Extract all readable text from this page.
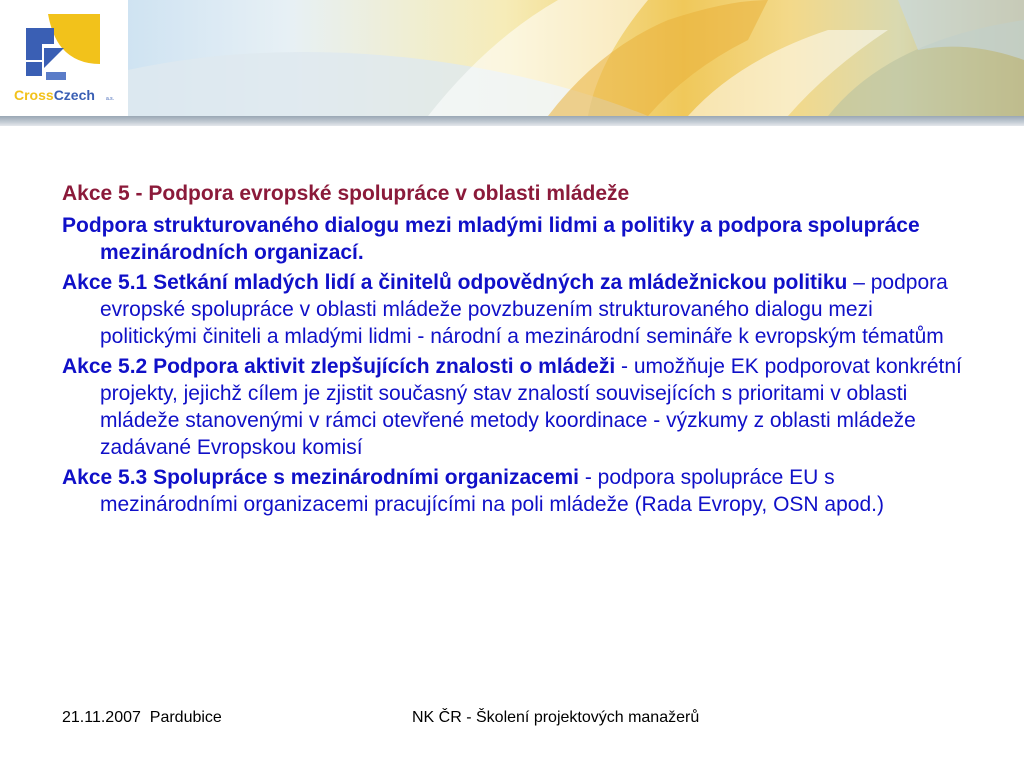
CrossCzech a.s.

Akce 5 - Podpora evropské spolupráce v oblasti mládeže

Podpora strukturovaného dialogu mezi mladými lidmi a politiky a podpora spolupráce mezinárodních organizací.

Akce 5.1 Setkání mladých lidí a činitelů odpovědných za mládežnickou politiku – podpora evropské spolupráce v oblasti mládeže povzbuzením strukturovaného dialogu mezi politickými činiteli a mladými lidmi - národní a mezinárodní semináře k evropským tématům

Akce 5.2 Podpora aktivit zlepšujících znalosti o mládeži - umožňuje EK podporovat konkrétní projekty, jejichž cílem je zjistit současný stav znalostí souvisejících s prioritami v oblasti mládeže stanovenými v rámci otevřené metody koordinace - výzkumy z oblasti mládeže zadávané Evropskou komisí

Akce 5.3 Spolupráce s mezinárodními organizacemi - podpora spolupráce EU s mezinárodními organizacemi pracujícími na poli mládeže (Rada Evropy, OSN apod.)

21.11.2007  Pardubice	NK ČR - Školení projektových manažerů
